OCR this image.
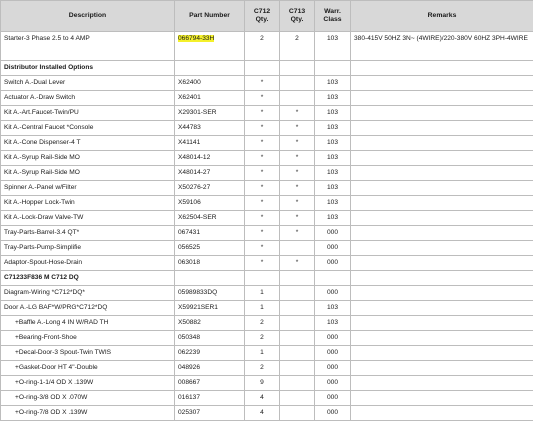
Description	Part Number	C712 Qty.	C713 Qty.	Warr. Class	Remarks
Starter-3 Phase 2.5 to 4 AMP	066794-33H	2	2	103	380-415V 50HZ 3N~ (4WIRE)/220-380V 60HZ 3PH-4WIRE
Distributor Installed Options					
Switch A.-Dual Lever	X62400	*		103	
Actuator A.-Draw Switch	X62401	*		103	
Kit A.-Art.Faucet-Twin/PU	X29301-SER	*	*	103	
Kit A.-Central Faucet *Console	X44783	*	*	103	
Kit A.-Cone Dispenser-4 T	X41141	*	*	103	
Kit A.-Syrup Rail-Side MO	X48014-12	*	*	103	
Kit A.-Syrup Rail-Side MO	X48014-27	*	*	103	
Spinner A.-Panel w/Filter	X50276-27	*	*	103	
Kit A.-Hopper Lock-Twin	X59106	*	*	103	
Kit A.-Lock-Draw Valve-TW	X62504-SER	*	*	103	
Tray-Parts-Barrel-3.4 QT*	067431	*	*	000	
Tray-Parts-Pump-Simplifie	056525	*		000	
Adaptor-Spout-Hose-Drain	063018	*	*	000	
C71233F836 M C712 DQ					
Diagram-Wiring *C712*DQ*	05989833DQ	1		000	
Door A.-LG BAF*W/PRG*C712*DQ	X59921SER1	1		103	
+Baffle A.-Long 4 IN W/RAD TH	X50882	2		103	
+Bearing-Front-Shoe	050348	2		000	
+Decal-Door-3 Spout-Twin TWIS	062239	1		000	
+Gasket-Door HT 4"-Double	048926	2		000	
+O-ring-1-1/4 OD X .139W	008667	9		000	
+O-ring-3/8 OD X .070W	016137	4		000	
+O-ring-7/8 OD X .139W	025307	4		000	
